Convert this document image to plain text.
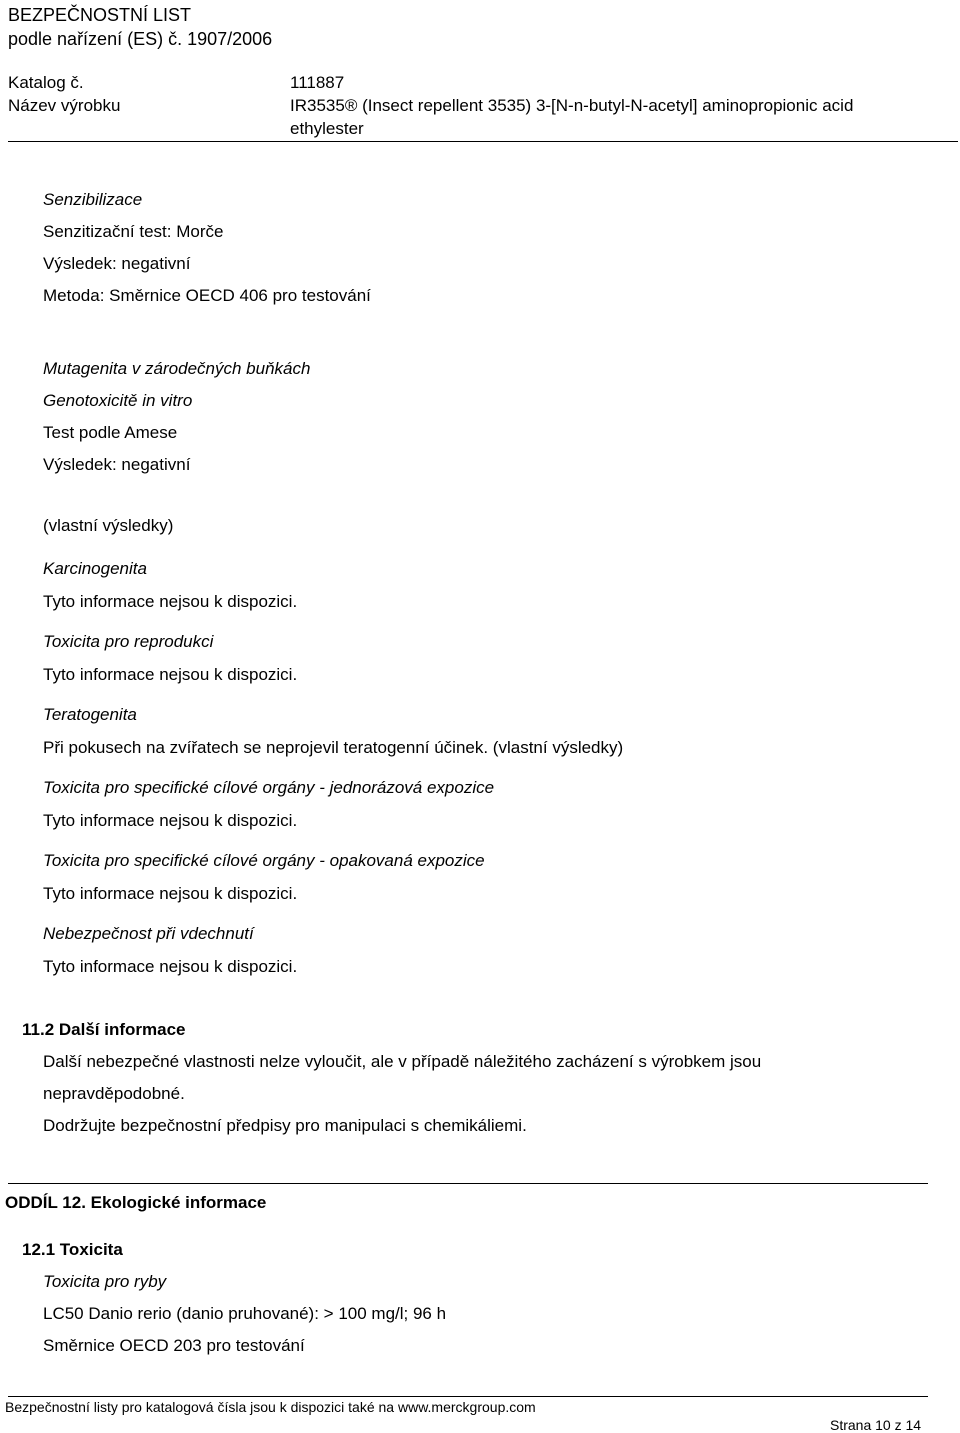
BEZPEČNOSTNÍ LIST
podle nařízení (ES) č. 1907/2006
Katalog č.	111887
Název výrobku	IR3535® (Insect repellent 3535) 3-[N-n-butyl-N-acetyl] aminopropionic acid
ethylester
Senzibilizace
Senzitizační test: Morče
Výsledek: negativní
Metoda: Směrnice OECD 406 pro testování
Mutagenita v zárodečných buňkách
Genotoxicitě in vitro
Test podle Amese
Výsledek: negativní
(vlastní výsledky)
Karcinogenita
Tyto informace nejsou k dispozici.
Toxicita pro reprodukci
Tyto informace nejsou k dispozici.
Teratogenita
Při pokusech na zvířatech se neprojevil teratogenní účinek. (vlastní výsledky)
Toxicita pro specifické cílové orgány - jednorázová expozice
Tyto informace nejsou k dispozici.
Toxicita pro specifické cílové orgány - opakovaná expozice
Tyto informace nejsou k dispozici.
Nebezpečnost při vdechnutí
Tyto informace nejsou k dispozici.
11.2 Další informace
Další nebezpečné vlastnosti nelze vyloučit, ale v případě náležitého zacházení s výrobkem jsou
nepravděpodobné.
Dodržujte bezpečnostní předpisy pro manipulaci s chemikáliemi.
ODDÍL 12. Ekologické informace
12.1 Toxicita
Toxicita pro ryby
LC50 Danio rerio (danio pruhované): > 100 mg/l; 96 h
Směrnice OECD 203 pro testování
Bezpečnostní listy pro katalogová čísla jsou k dispozici také na www.merckgroup.com
Strana 10 z 14
